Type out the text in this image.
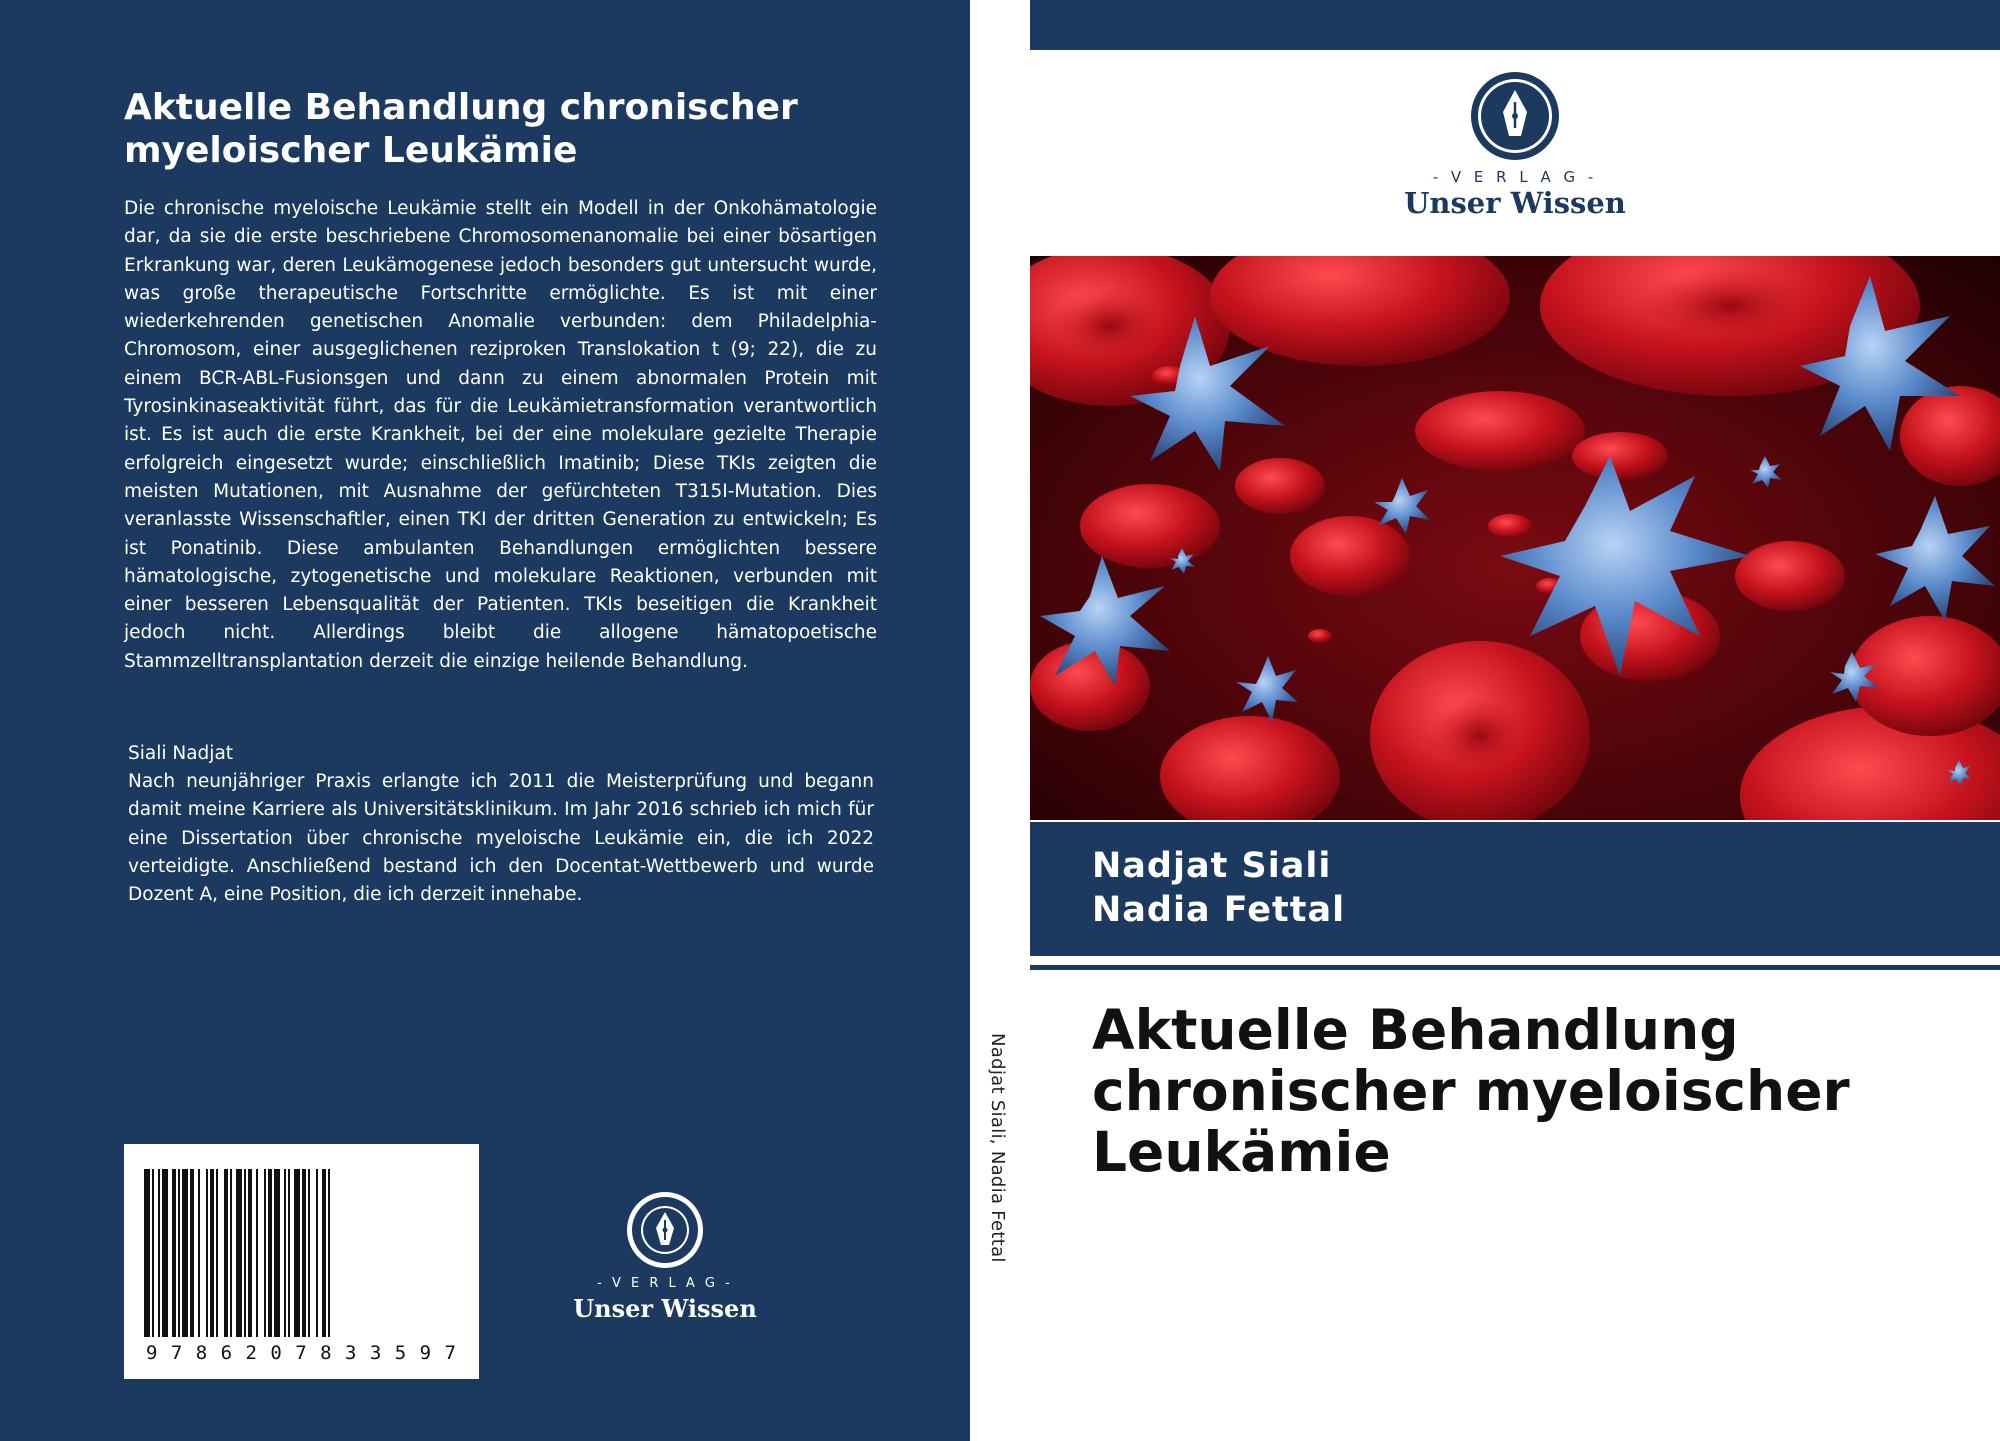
Aktuelle Behandlung chronischer myeloischer Leukämie

Die chronische myeloische Leukämie stellt ein Modell in der Onkohämatologie dar, da sie die erste beschriebene Chromosomenanomalie bei einer bösartigen Erkrankung war, deren Leukämogenese jedoch besonders gut untersucht wurde, was große therapeutische Fortschritte ermöglichte. Es ist mit einer wiederkehrenden genetischen Anomalie verbunden: dem Philadelphia-Chromosom, einer ausgeglichenen reziproken Translokation t (9; 22), die zu einem BCR-ABL-Fusionsgen und dann zu einem abnormalen Protein mit Tyrosinkinaseaktivität führt, das für die Leukämietransformation verantwortlich ist. Es ist auch die erste Krankheit, bei der eine molekulare gezielte Therapie erfolgreich eingesetzt wurde; einschließlich Imatinib; Diese TKIs zeigten die meisten Mutationen, mit Ausnahme der gefürchteten T315I-Mutation. Dies veranlasste Wissenschaftler, einen TKI der dritten Generation zu entwickeln; Es ist Ponatinib. Diese ambulanten Behandlungen ermöglichten bessere hämatologische, zytogenetische und molekulare Reaktionen, verbunden mit einer besseren Lebensqualität der Patienten. TKIs beseitigen die Krankheit jedoch nicht. Allerdings bleibt die allogene hämatopoetische Stammzelltransplantation derzeit die einzige heilende Behandlung.

Siali Nadjat

Nach neunjähriger Praxis erlangte ich 2011 die Meisterprüfung und begann damit meine Karriere als Universitätsklinikum. Im Jahr 2016 schrieb ich mich für eine Dissertation über chronische myeloische Leukämie ein, die ich 2022 verteidigte. Anschließend bestand ich den Docentat-Wettbewerb und wurde Dozent A, eine Position, die ich derzeit innehabe.

9 7 8 6 2 0 7 8 3 3 5 9 7
- V E R L A G -
Unser Wissen
Nadjat Siali, Nadia Fettal
- V E R L A G -
Unser Wissen
Nadjat Siali
Nadia Fettal
Aktuelle Behandlung chronischer myeloischer Leukämie
